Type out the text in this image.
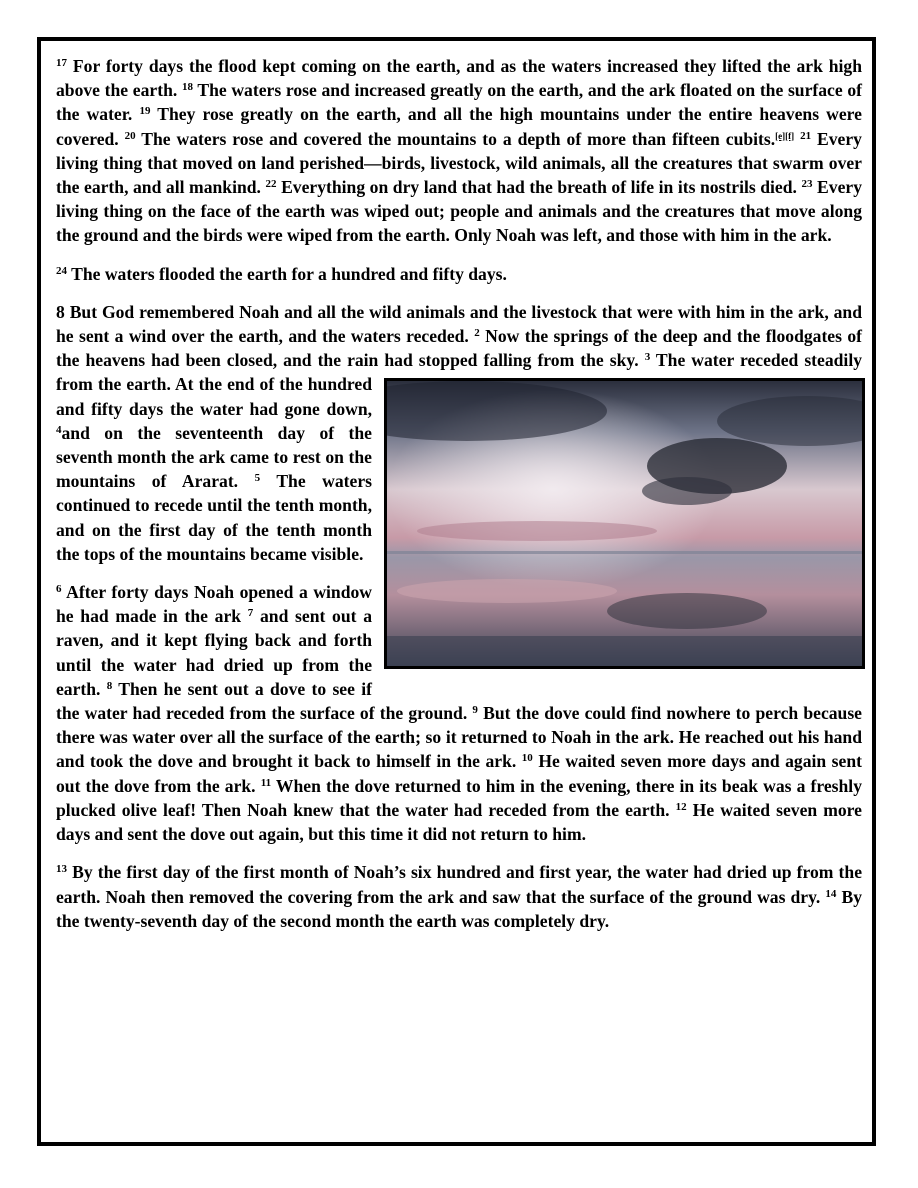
$^{17}$ For forty days the flood kept coming on the earth, and as the waters increased they lifted the ark high above the earth. $^{18}$ The waters rose and increased greatly on the earth, and the ark floated on the surface of the water. $^{19}$ They rose greatly on the earth, and all the high mountains under the entire heavens were covered. $^{20}$ The waters rose and covered the mountains to a depth of more than fifteen cubits.[e][f] $^{21}$ Every living thing that moved on land perished—birds, livestock, wild animals, all the creatures that swarm over the earth, and all mankind. $^{22}$ Everything on dry land that had the breath of life in its nostrils died. $^{23}$ Every living thing on the face of the earth was wiped out; people and animals and the creatures that move along the ground and the birds were wiped from the earth. Only Noah was left, and those with him in the ark.

$^{24}$ The waters flooded the earth for a hundred and fifty days.

8 But God remembered Noah and all the wild animals and the livestock that were with him in the ark, and he sent a wind over the earth, and the waters receded. $^2$ Now the springs of the deep and the floodgates of the heavens had been closed, and the rain had stopped falling from the sky. $^3$ The water receded steadily from the earth. At the end of the hundred and fifty days the water had gone down, $^4$and on the seventeenth day of the seventh month the ark came to rest on the mountains of Ararat. $^5$ The waters continued to recede until the tenth month, and on the first day of the tenth month the tops of the mountains became visible.

$^6$ After forty days Noah opened a window he had made in the ark $^7$ and sent out a raven, and it kept flying back and forth until the water had dried up from the earth. $^8$ Then he sent out a dove to see if the water had receded from the surface of the ground. $^9$ But the dove could find nowhere to perch because there was water over all the surface of the earth; so it returned to Noah in the ark. He reached out his hand and took the dove and brought it back to himself in the ark. $^{10}$ He waited seven more days and again sent out the dove from the ark. $^{11}$ When the dove returned to him in the evening, there in its beak was a freshly plucked olive leaf! Then Noah knew that the water had receded from the earth. $^{12}$ He waited seven more days and sent the dove out again, but this time it did not return to him.

$^{13}$ By the first day of the first month of Noah’s six hundred and first year, the water had dried up from the earth. Noah then removed the covering from the ark and saw that the surface of the ground was dry. $^{14}$ By the twenty-seventh day of the second month the earth was completely dry.
